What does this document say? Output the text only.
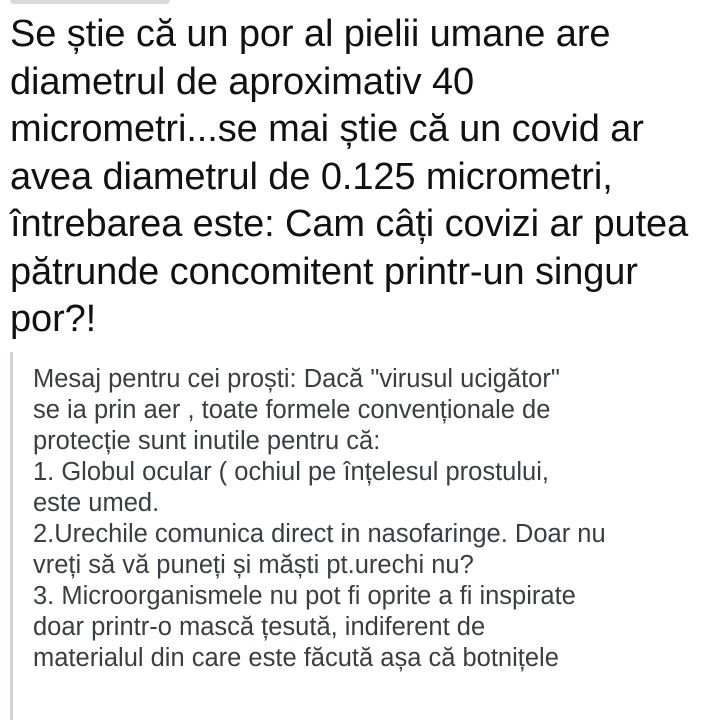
Se știe că un por al pielii umane are
diametrul de aproximativ 40
micrometri...se mai știe că un covid ar
avea diametrul de 0.125 micrometri,
întrebarea este: Cam câți covizi ar putea
pătrunde concomitent printr-un singur
por?!

Mesaj pentru cei proști: Dacă "virusul ucigător"

se ia prin aer , toate formele convenționale de

protecție sunt inutile pentru că:

1. Globul ocular ( ochiul pe înțelesul prostului,

este umed.

2.Urechile comunica direct in nasofaringe. Doar nu

vreți să vă puneți și măști pt.urechi nu?

3. Microorganismele nu pot fi oprite a fi inspirate

doar printr-o mască țesută, indiferent de

materialul din care este făcută așa că botnițele
